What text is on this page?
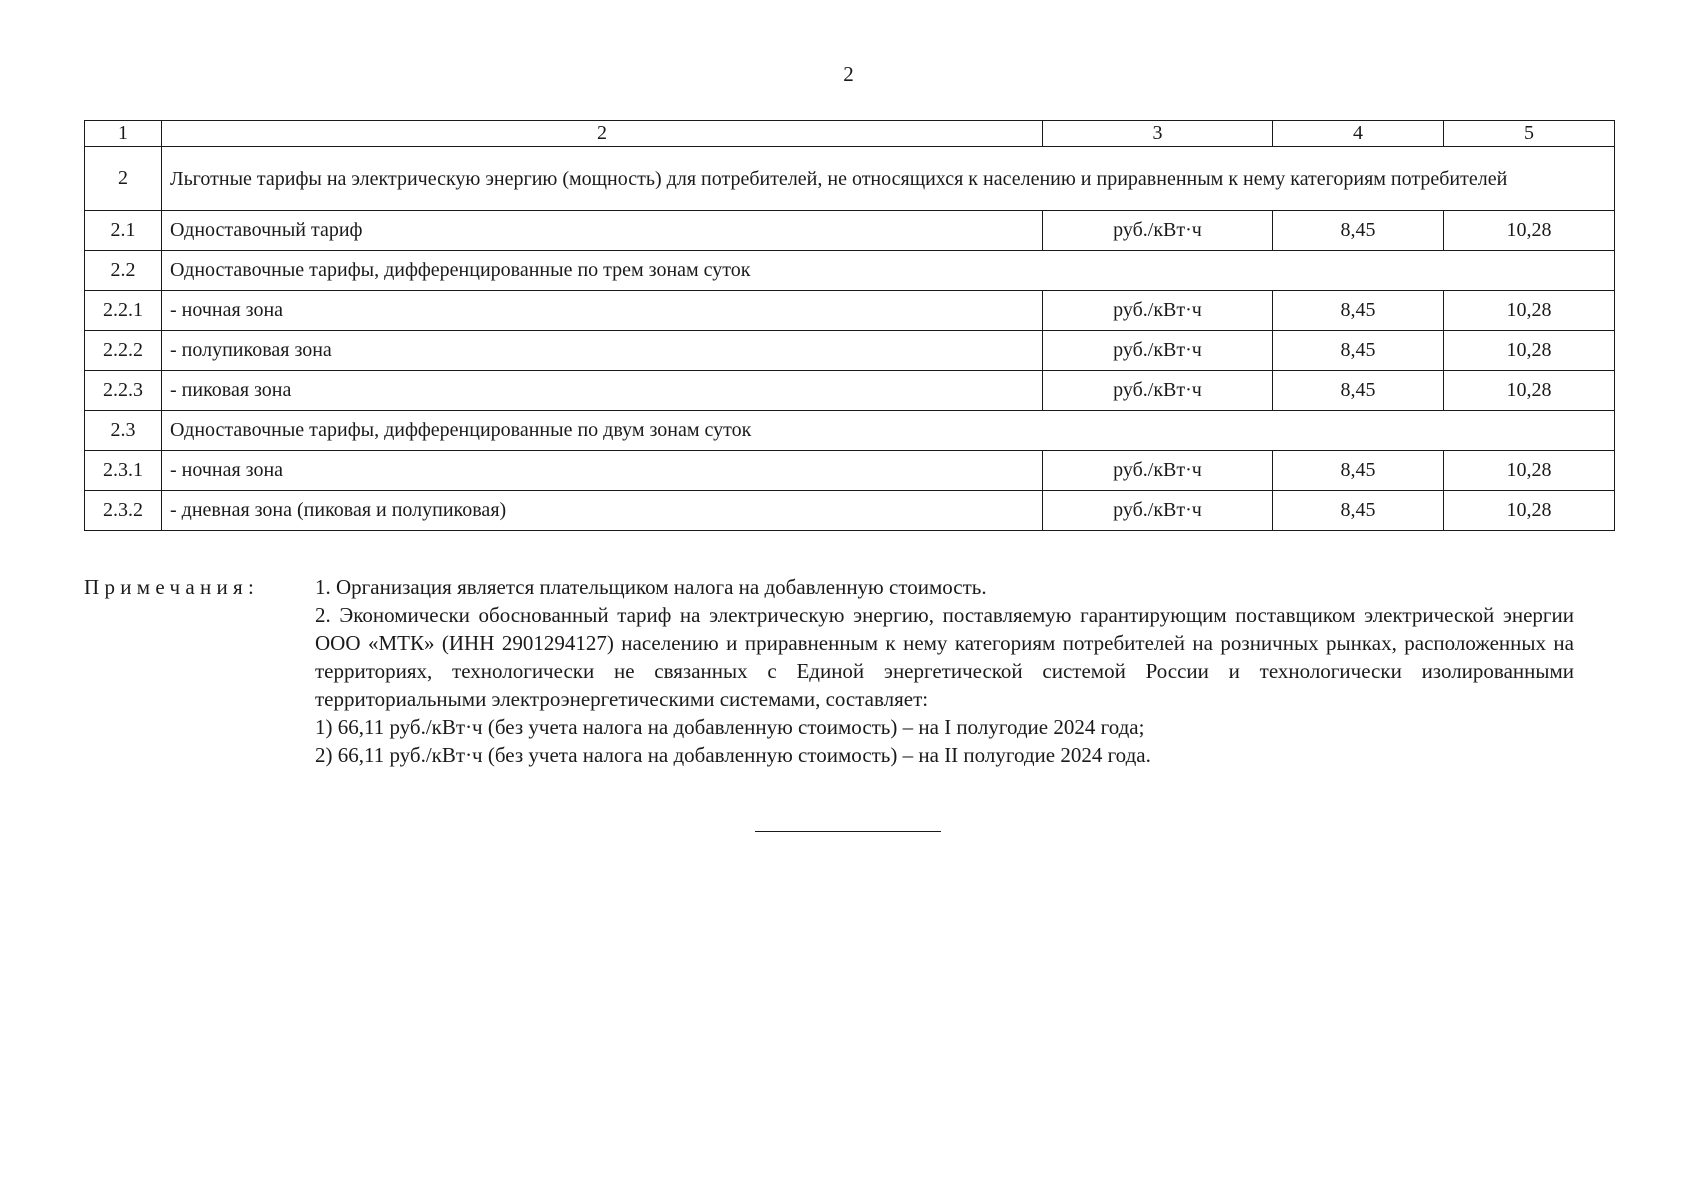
2
1	2	3	4	5
2	Льготные тарифы на электрическую энергию (мощность) для потребителей, не относящихся к населению и приравненным к нему категориям потребителей			
2.1	Одноставочный тариф	руб./кВт·ч	8,45	10,28
2.2	Одноставочные тарифы, дифференцированные по трем зонам суток			
2.2.1	- ночная зона	руб./кВт·ч	8,45	10,28
2.2.2	- полупиковая зона	руб./кВт·ч	8,45	10,28
2.2.3	- пиковая зона	руб./кВт·ч	8,45	10,28
2.3	Одноставочные тарифы, дифференцированные по двум зонам суток			
2.3.1	- ночная зона	руб./кВт·ч	8,45	10,28
2.3.2	- дневная зона (пиковая и полупиковая)	руб./кВт·ч	8,45	10,28
Примечания:	1. Организация является плательщиком налога на добавленную стоимость.

2. Экономически обоснованный тариф на электрическую энергию, поставляемую гарантирующим поставщиком электрической энергии ООО «МТК» (ИНН 2901294127) населению и приравненным к нему категориям потребителей на розничных рынках, расположенных на территориях, технологически не связанных с Единой энергетической системой России и технологически изолированными территориальными электроэнергетическими системами, составляет:

1) 66,11 руб./кВт·ч (без учета налога на добавленную стоимость) – на I полугодие 2024 года;

2) 66,11 руб./кВт·ч (без учета налога на добавленную стоимость) – на II полугодие 2024 года.
